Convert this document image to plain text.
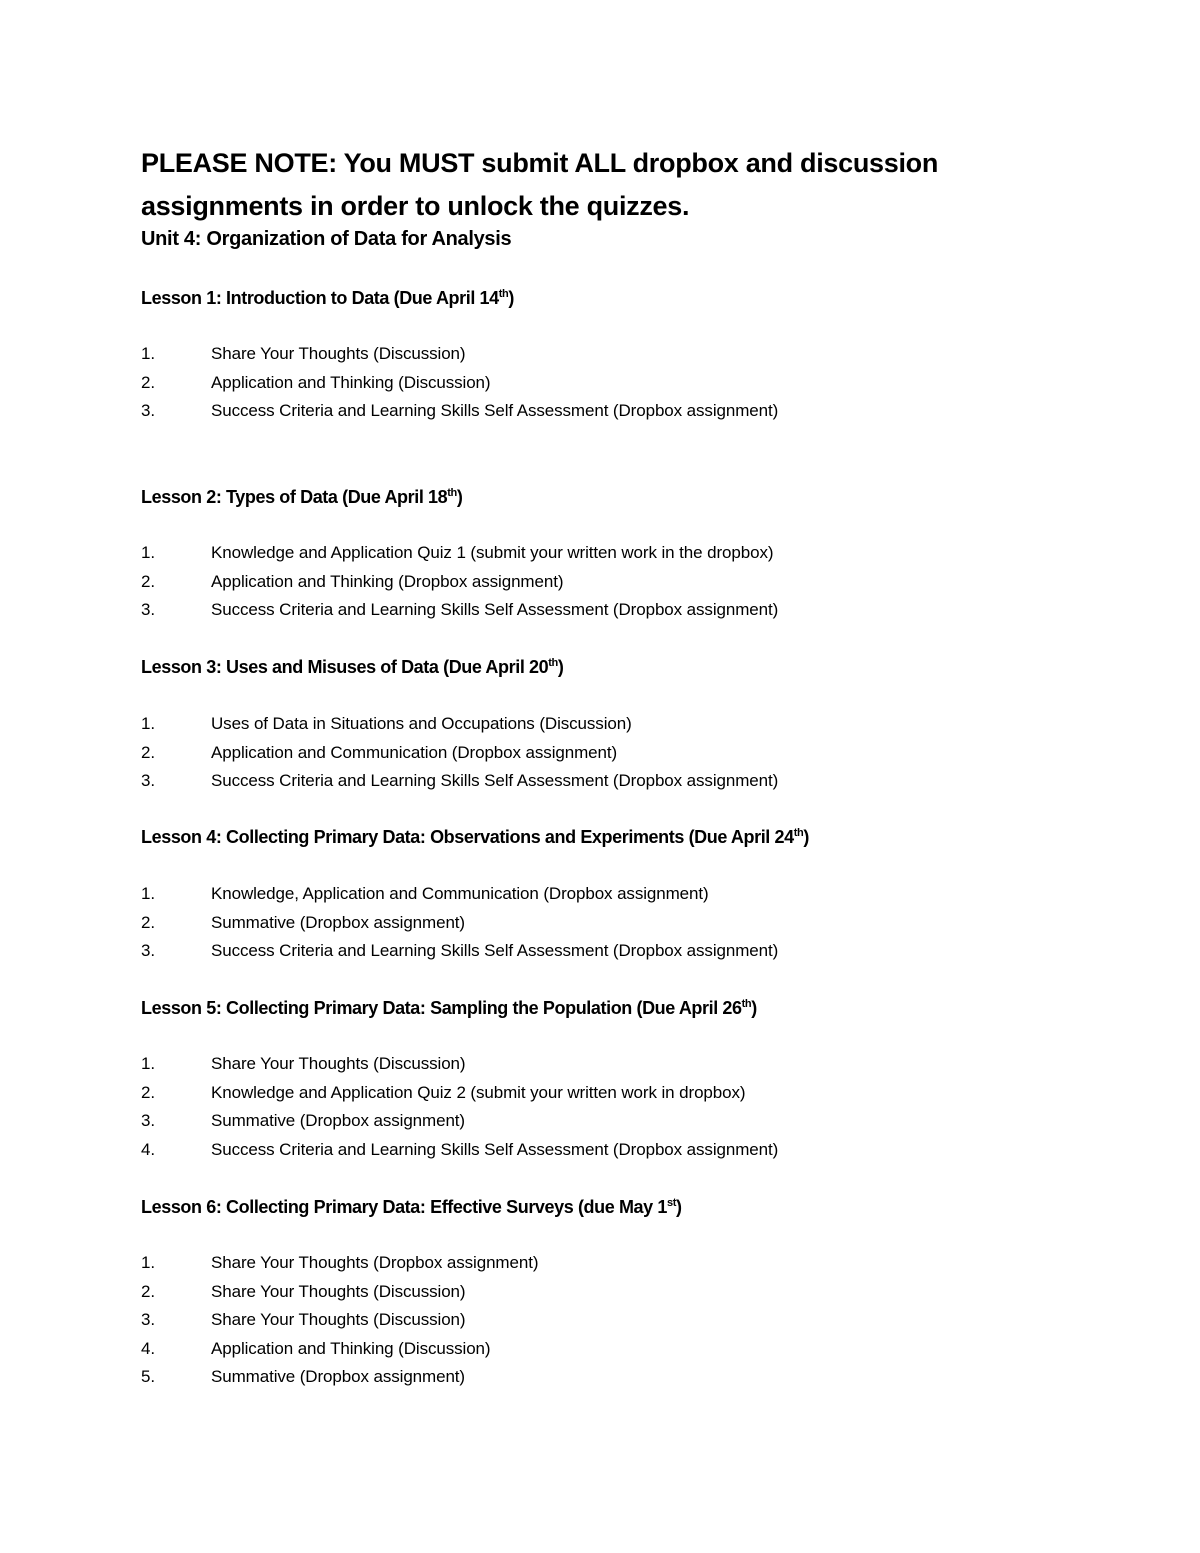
PLEASE NOTE: You MUST submit ALL dropbox and discussion assignments in order to unlock the quizzes.
Unit 4: Organization of Data for Analysis
Lesson 1: Introduction to Data (Due April 14th)
1.	Share Your Thoughts (Discussion)
2.	Application and Thinking (Discussion)
3.	Success Criteria and Learning Skills Self Assessment (Dropbox assignment)
Lesson 2: Types of Data (Due April 18th)
1.	Knowledge and Application Quiz 1 (submit your written work in the dropbox)
2.	Application and Thinking (Dropbox assignment)
3.	Success Criteria and Learning Skills Self Assessment (Dropbox assignment)
Lesson 3: Uses and Misuses of Data (Due April 20th)
1.	Uses of Data in Situations and Occupations (Discussion)
2.	Application and Communication (Dropbox assignment)
3.	Success Criteria and Learning Skills Self Assessment (Dropbox assignment)
Lesson 4: Collecting Primary Data: Observations and Experiments (Due April 24th)
1.	Knowledge, Application and Communication (Dropbox assignment)
2.	Summative (Dropbox assignment)
3.	Success Criteria and Learning Skills Self Assessment (Dropbox assignment)
Lesson 5: Collecting Primary Data: Sampling the Population (Due April 26th)
1.	Share Your Thoughts (Discussion)
2.	Knowledge and Application Quiz 2 (submit your written work in dropbox)
3.	Summative (Dropbox assignment)
4.	Success Criteria and Learning Skills Self Assessment (Dropbox assignment)
Lesson 6: Collecting Primary Data: Effective Surveys (due May 1st)
1.	Share Your Thoughts (Dropbox assignment)
2.	Share Your Thoughts (Discussion)
3.	Share Your Thoughts (Discussion)
4.	Application and Thinking (Discussion)
5.	Summative (Dropbox assignment)
